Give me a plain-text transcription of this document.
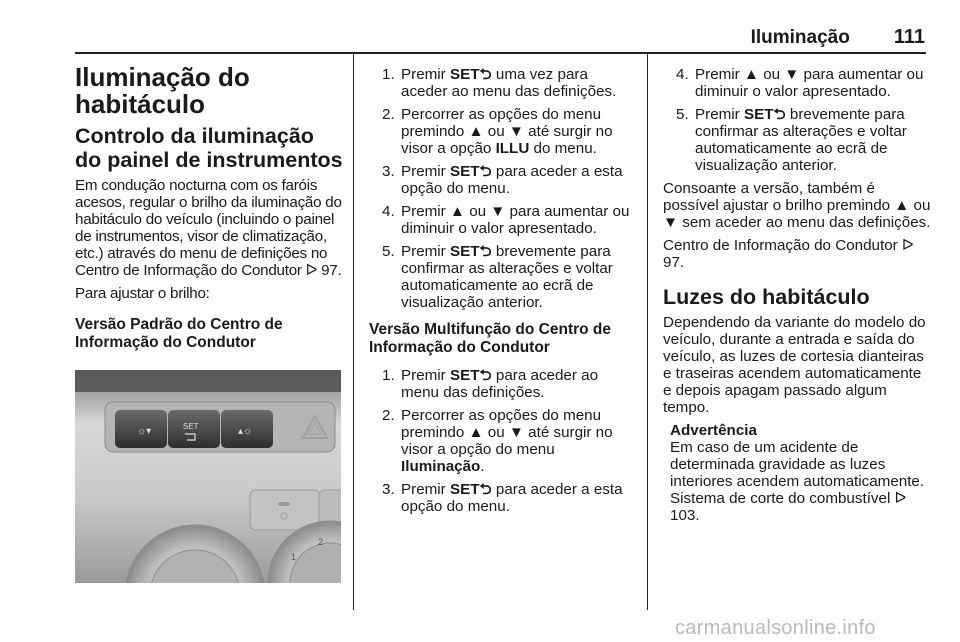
Iluminação 111
Iluminação do habitáculo
Controlo da iluminação do painel de instrumentos

Em condução nocturna com os faróis acesos, regular o brilho da iluminação do habitáculo do veículo (incluindo o painel de instrumentos, visor de climatização, etc.) através do menu de definições no Centro de Informação do Condutor ᐅ 97.

Para ajustar o brilho:

Versão Padrão do Centro de Informação do Condutor
☼▾	SET	▴☼
1
2
1. Premir SET⮌ uma vez para aceder ao menu das definições.
2. Percorrer as opções do menu premindo ▲ ou ▼ até surgir no visor a opção ILLU do menu.
3. Premir SET⮌ para aceder a esta opção do menu.
4. Premir ▲ ou ▼ para aumentar ou diminuir o valor apresentado.
5. Premir SET⮌ brevemente para confirmar as alterações e voltar automaticamente ao ecrã de visualização anterior.
Versão Multifunção do Centro de Informação do Condutor
1. Premir SET⮌ para aceder ao menu das definições.
2. Percorrer as opções do menu premindo ▲ ou ▼ até surgir no visor a opção do menu Iluminação.
3. Premir SET⮌ para aceder a esta opção do menu.
4. Premir ▲ ou ▼ para aumentar ou diminuir o valor apresentado.
5. Premir SET⮌ brevemente para confirmar as alterações e voltar automaticamente ao ecrã de visualização anterior.

Consoante a versão, também é possível ajustar o brilho premindo ▲ ou ▼ sem aceder ao menu das definições.

Centro de Informação do Condutor ᐅ 97.

Luzes do habitáculo

Dependendo da variante do modelo do veículo, durante a entrada e saída do veículo, as luzes de cortesia dianteiras e traseiras acendem automaticamente e depois apagam passado algum tempo.

Advertência

Em caso de um acidente de determinada gravidade as luzes interiores acendem automaticamente. Sistema de corte do combustível ᐅ 103.

carmanualsonline.info
